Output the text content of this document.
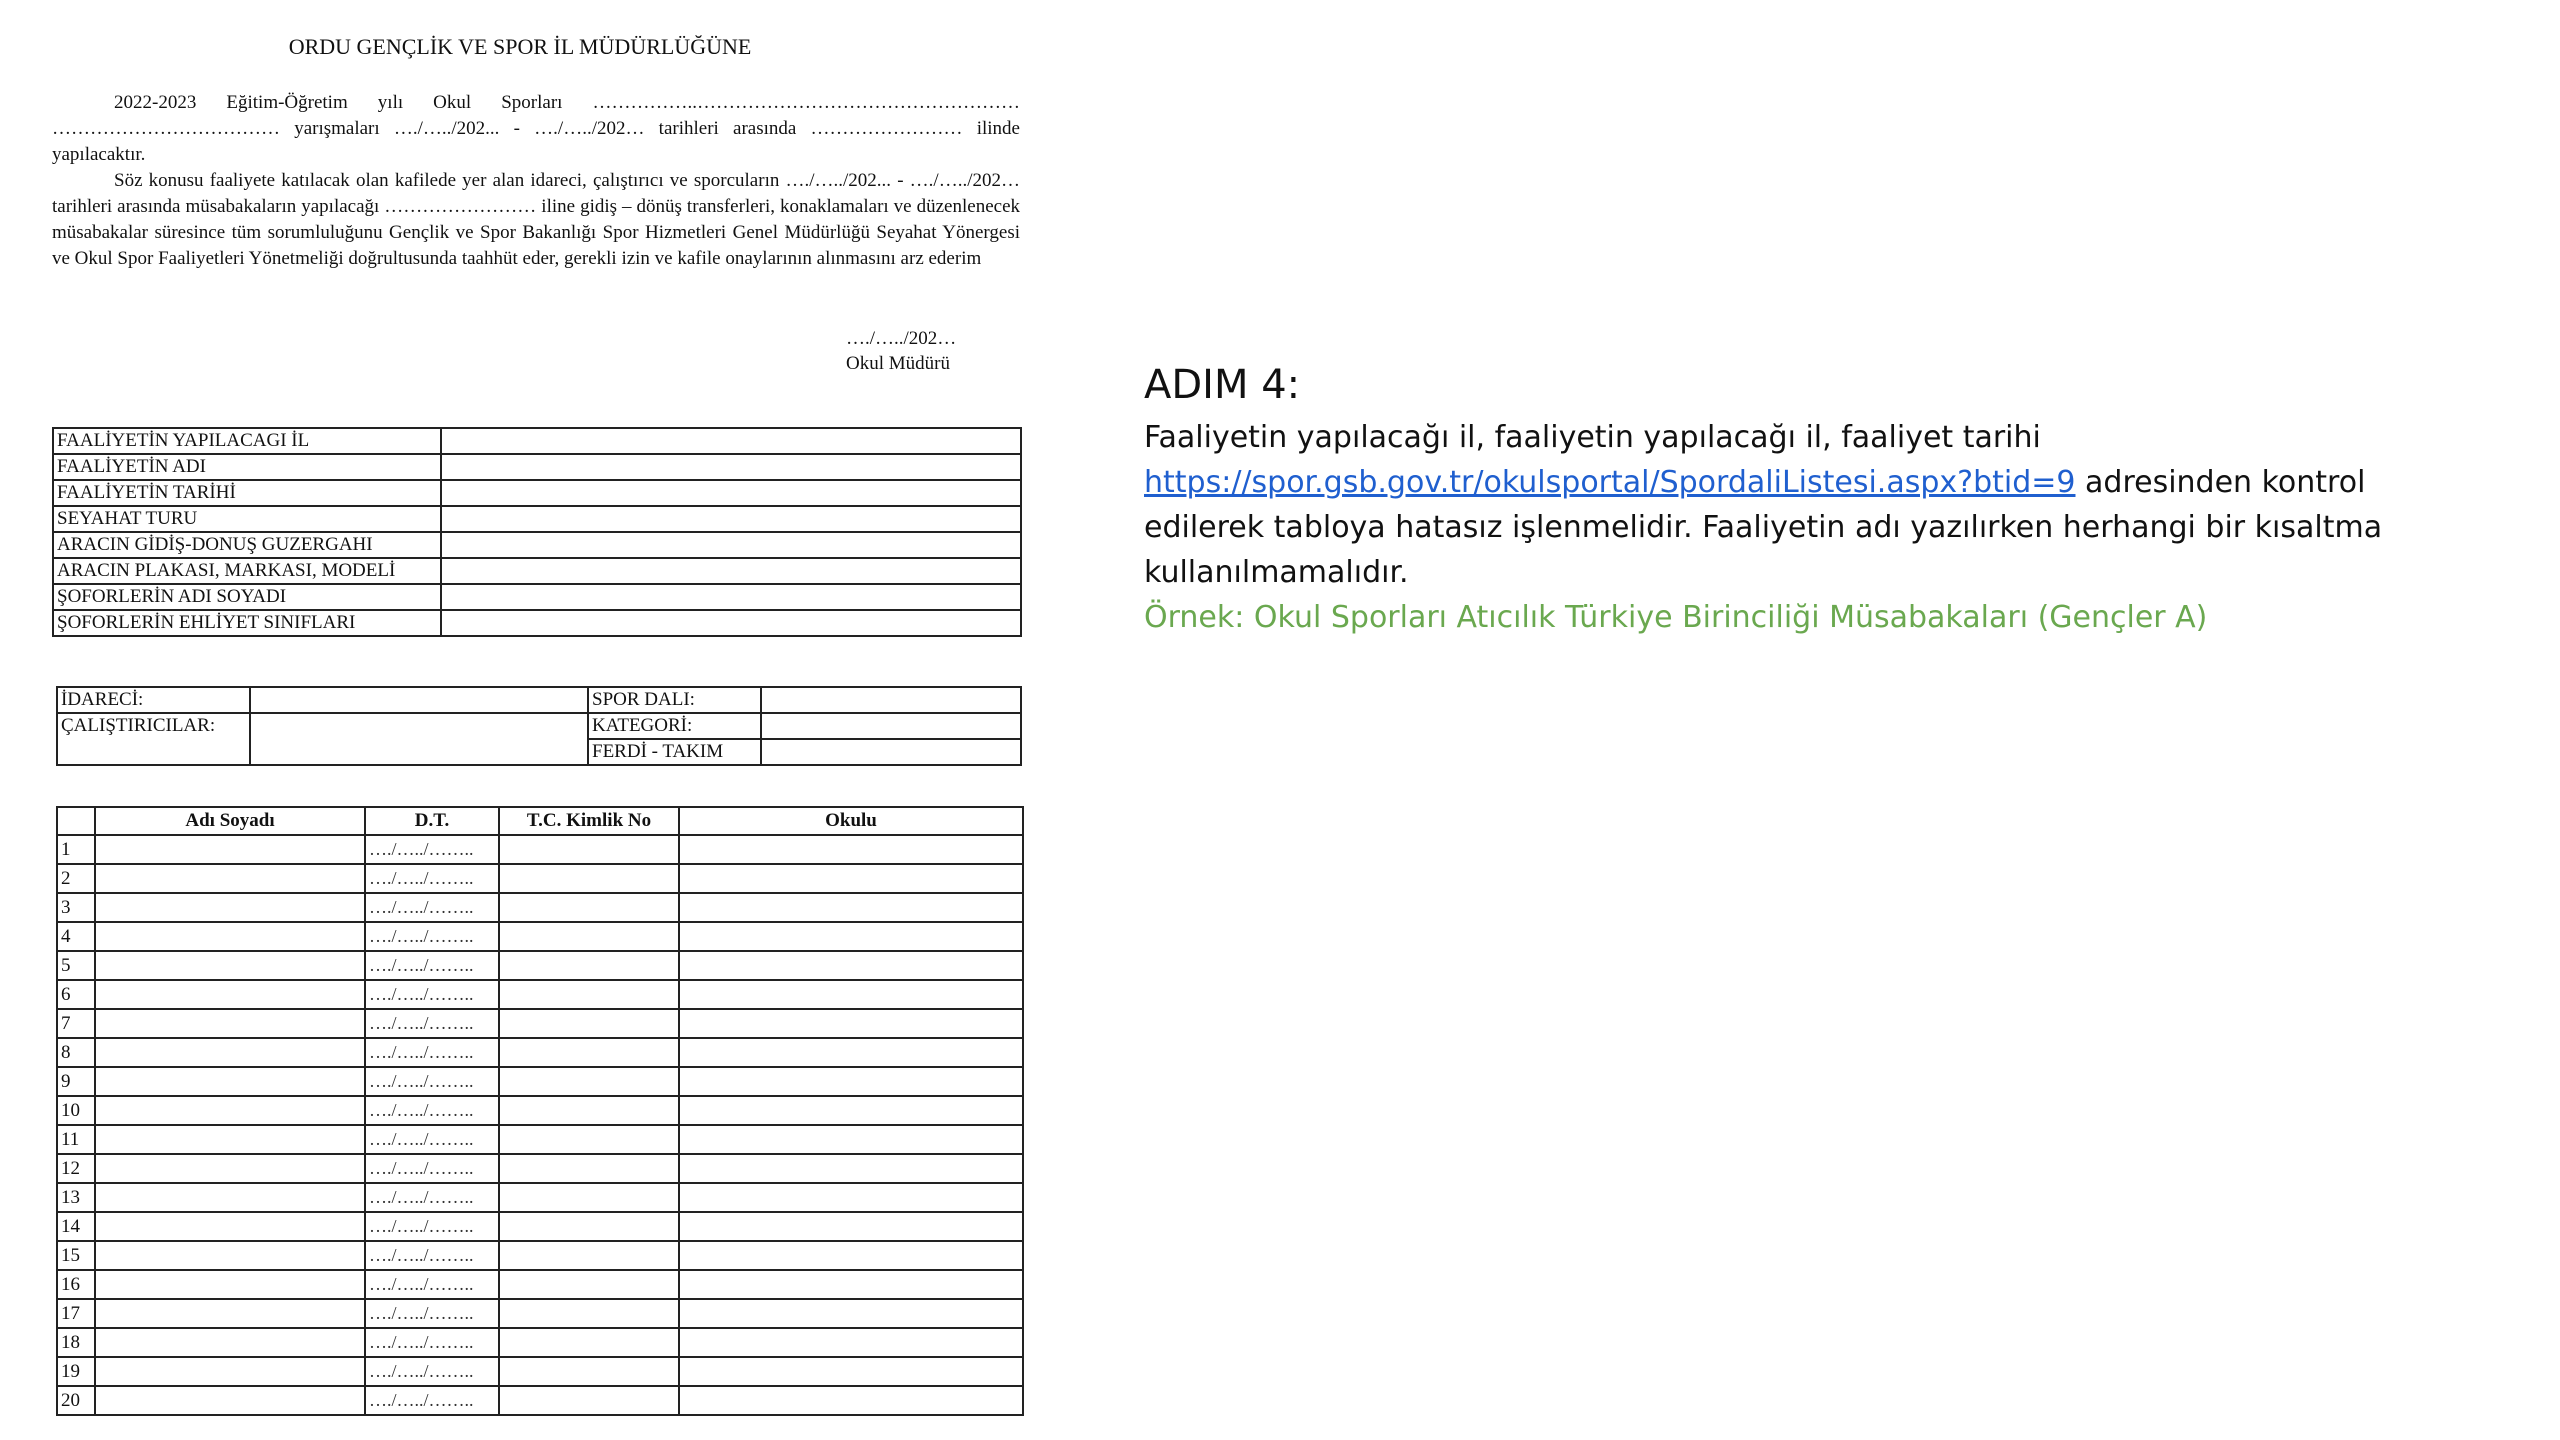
ORDU GENÇLİK VE SPOR İL MÜDÜRLÜĞÜNE
2022-2023 Eğitim-Öğretim yılı Okul Sporları ……………..…………………………………………… ……………………………… yarışmaları …./…../202... - …./…../202… tarihleri arasında …………………… ilinde yapılacaktır.
Söz konusu faaliyete katılacak olan kafilede yer alan idareci, çalıştırıcı ve sporcuların …./…../202... - …./…../202… tarihleri arasında müsabakaların yapılacağı …………………… iline gidiş – dönüş transferleri, konaklamaları ve düzenlenecek müsabakalar süresince tüm sorumluluğunu Gençlik ve Spor Bakanlığı Spor Hizmetleri Genel Müdürlüğü Seyahat Yönergesi ve Okul Spor Faaliyetleri Yönetmeliği doğrultusunda taahhüt eder, gerekli izin ve kafile onaylarının alınmasını arz ederim
…./…../202…
Okul Müdürü
FAALİYETİN YAPILACAGI İL	
FAALİYETİN ADI	
FAALİYETİN TARİHİ	
SEYAHAT TURU	
ARACIN GİDİŞ-DONUŞ GUZERGAHI	
ARACIN PLAKASI, MARKASI, MODELİ	
ŞOFORLERİN ADI SOYADI	
ŞOFORLERİN EHLİYET SINIFLARI	
İDARECİ:		SPOR DALI:	
ÇALIŞTIRICILAR:		KATEGORİ:	
		FERDİ - TAKIM	
	Adı Soyadı	D.T.	T.C. Kimlik No	Okulu
1		…./…../……..		
2		…./…../……..		
3		…./…../……..		
4		…./…../……..		
5		…./…../……..		
6		…./…../……..		
7		…./…../……..		
8		…./…../……..		
9		…./…../……..		
10		…./…../……..		
11		…./…../……..		
12		…./…../……..		
13		…./…../……..		
14		…./…../……..		
15		…./…../……..		
16		…./…../……..		
17		…./…../……..		
18		…./…../……..		
19		…./…../……..		
20		…./…../……..		
ADIM 4:
Faaliyetin yapılacağı il, faaliyetin yapılacağı il, faaliyet tarihi
https://spor.gsb.gov.tr/okulsportal/SpordaliListesi.aspx?btid=9 adresinden kontrol edilerek tabloya hatasız işlenmelidir. Faaliyetin adı yazılırken herhangi bir kısaltma kullanılmamalıdır.
Örnek: Okul Sporları Atıcılık Türkiye Birinciliği Müsabakaları (Gençler A)
